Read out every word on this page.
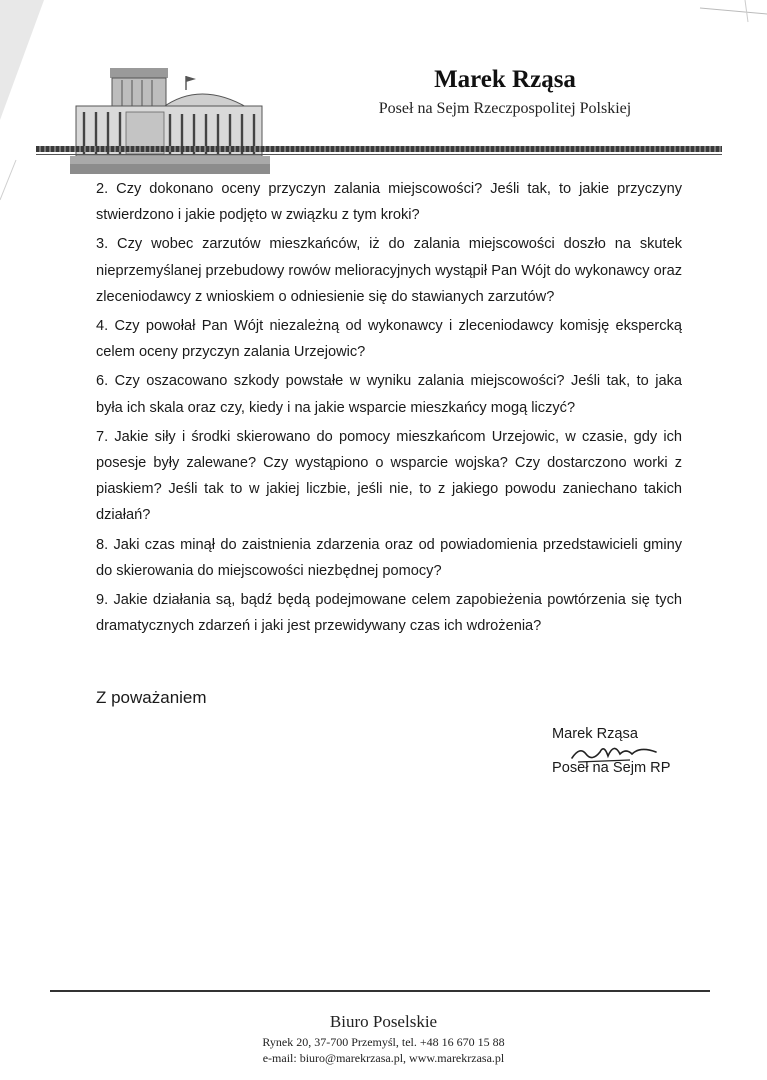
Marek Rząsa
Poseł na Sejm Rzeczpospolitej Polskiej

2. Czy dokonano oceny przyczyn zalania miejscowości? Jeśli tak, to jakie przyczyny stwierdzono i jakie podjęto w związku z tym kroki?

3. Czy wobec zarzutów mieszkańców, iż do zalania miejscowości doszło na skutek nieprzemyślanej przebudowy rowów melioracyjnych wystąpił Pan Wójt do wykonawcy oraz zleceniodawcy z wnioskiem o odniesienie się do stawianych zarzutów?

4. Czy powołał Pan Wójt niezależną od wykonawcy i zleceniodawcy komisję ekspercką celem oceny przyczyn zalania Urzejowic?

6. Czy oszacowano szkody powstałe w wyniku zalania miejscowości? Jeśli tak, to jaka była ich skala oraz czy, kiedy i na jakie wsparcie mieszkańcy mogą liczyć?

7. Jakie siły i środki skierowano do pomocy mieszkańcom Urzejowic, w czasie, gdy ich posesje były zalewane? Czy wystąpiono o wsparcie wojska? Czy dostarczono worki z piaskiem? Jeśli tak to w jakiej liczbie, jeśli nie, to z jakiego powodu zaniechano takich działań?

8. Jaki czas minął do zaistnienia zdarzenia oraz od powiadomienia przedstawicieli gminy do skierowania do miejscowości niezbędnej pomocy?

9. Jakie działania są, bądź będą podejmowane celem zapobieżenia powtórzenia się tych dramatycznych zdarzeń i jaki jest przewidywany czas ich wdrożenia?

Z poważaniem
Marek Rząsa
Poseł na Sejm RP
Biuro Poselskie
Rynek 20, 37-700 Przemyśl, tel. +48 16 670 15 88
e-mail: biuro@marekrzasa.pl, www.marekrzasa.pl
